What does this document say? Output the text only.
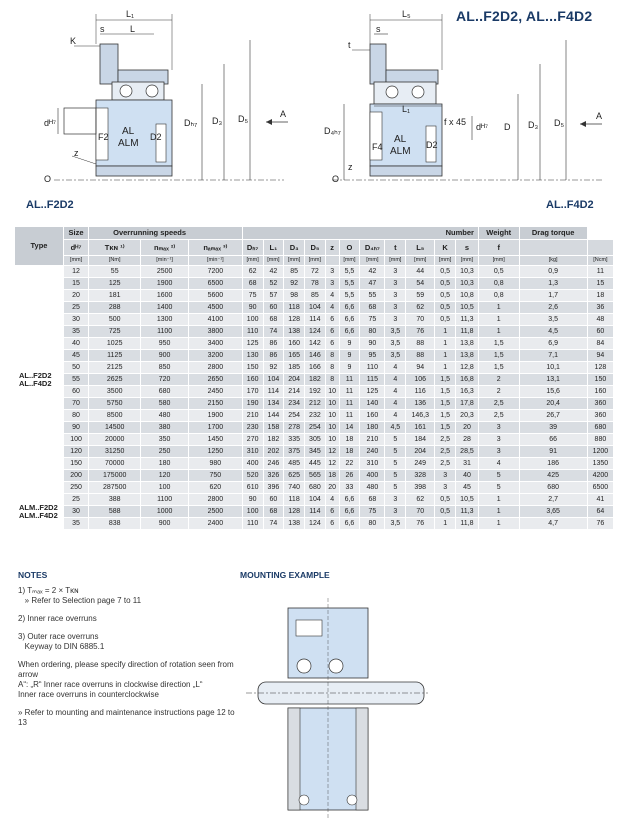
AL..F2D2, AL...F4D2
L₁
s	L
K
dᴴ⁷
F2 AL
ALM
D2
Dₕ₇ D₃ D₅	A
z
O
AL..F2D2
L₅
s
t
L₁
D₄ₕ₇
f x 45 dᴴ⁷ D D₃ D₅
A
F4
AL
ALM
D2
z
O
AL..F4D2
Type	Size	Overrunning speeds			Number											Weight	Drag torque	
	dᴴ⁷	Tᴋɴ ¹⁾	nₘₐₓ ²⁾	nₐₘₐₓ ³⁾	Dₕ₇	L₁	D₃	D₅	z	O	D₄ₕ₇	t	L₅	K	s	f		
	[mm]	[Nm]	[min⁻¹]	[min⁻¹]	[mm]	[mm]	[mm]	[mm]		[mm]	[mm]	[mm]	[mm]	[mm]	[mm]	[mm]	[kg]	[Ncm]
AL..F2D2
AL..F4D2	12	55	2500	7200	62	42	85	72	3	5,5	42	3	44	0,5	10,3	0,5	0,9	11
	15	125	1900	6500	68	52	92	78	3	5,5	47	3	54	0,5	10,3	0,8	1,3	15
	20	181	1600	5600	75	57	98	85	4	5,5	55	3	59	0,5	10,8	0,8	1,7	18
	25	288	1400	4500	90	60	118	104	4	6,6	68	3	62	0,5	10,5	1	2,6	36
	30	500	1300	4100	100	68	128	114	6	6,6	75	3	70	0,5	11,3	1	3,5	48
	35	725	1100	3800	110	74	138	124	6	6,6	80	3,5	76	1	11,8	1	4,5	60
	40	1025	950	3400	125	86	160	142	6	9	90	3,5	88	1	13,8	1,5	6,9	84
	45	1125	900	3200	130	86	165	146	8	9	95	3,5	88	1	13,8	1,5	7,1	94
	50	2125	850	2800	150	92	185	166	8	9	110	4	94	1	12,8	1,5	10,1	128
	55	2625	720	2650	160	104	204	182	8	11	115	4	106	1,5	16,8	2	13,1	150
	60	3500	680	2450	170	114	214	192	10	11	125	4	116	1,5	16,3	2	15,6	160
	70	5750	580	2150	190	134	234	212	10	11	140	4	136	1,5	17,8	2,5	20,4	360
	80	8500	480	1900	210	144	254	232	10	11	160	4	146,3	1,5	20,3	2,5	26,7	360
	90	14500	380	1700	230	158	278	254	10	14	180	4,5	161	1,5	20	3	39	680
	100	20000	350	1450	270	182	335	305	10	18	210	5	184	2,5	28	3	66	880
	120	31250	250	1250	310	202	375	345	12	18	240	5	204	2,5	28,5	3	91	1200
	150	70000	180	980	400	246	485	445	12	22	310	5	249	2,5	31	4	186	1350
	200	175000	120	750	520	326	625	565	18	26	400	5	328	3	40	5	425	4200
	250	287500	100	620	610	396	740	680	20	33	480	5	398	3	45	5	680	6500
ALM..F2D2
ALM..F4D2	25	388	1100	2800	90	60	118	104	4	6,6	68	3	62	0,5	10,5	1	2,7	41
	30	588	1000	2500	100	68	128	114	6	6,6	75	3	70	0,5	11,3	1	3,65	64
	35	838	900	2400	110	74	138	124	6	6,6	80	3,5	76	1	11,8	1	4,7	76
NOTES

1) Tₘₐₓ = 2 × Tᴋɴ
» Refer to Selection page 7 to 11

2) Inner race overruns

3) Outer race overruns
Keyway to DIN 6885.1

When ordering, please specify direction of rotation seen from arrow
A“: „R“ Inner race overruns in clockwise direction „L“
Inner race overruns in counterclockwise

» Refer to mounting and maintenance instructions page 12 to 13

MOUNTING EXAMPLE
